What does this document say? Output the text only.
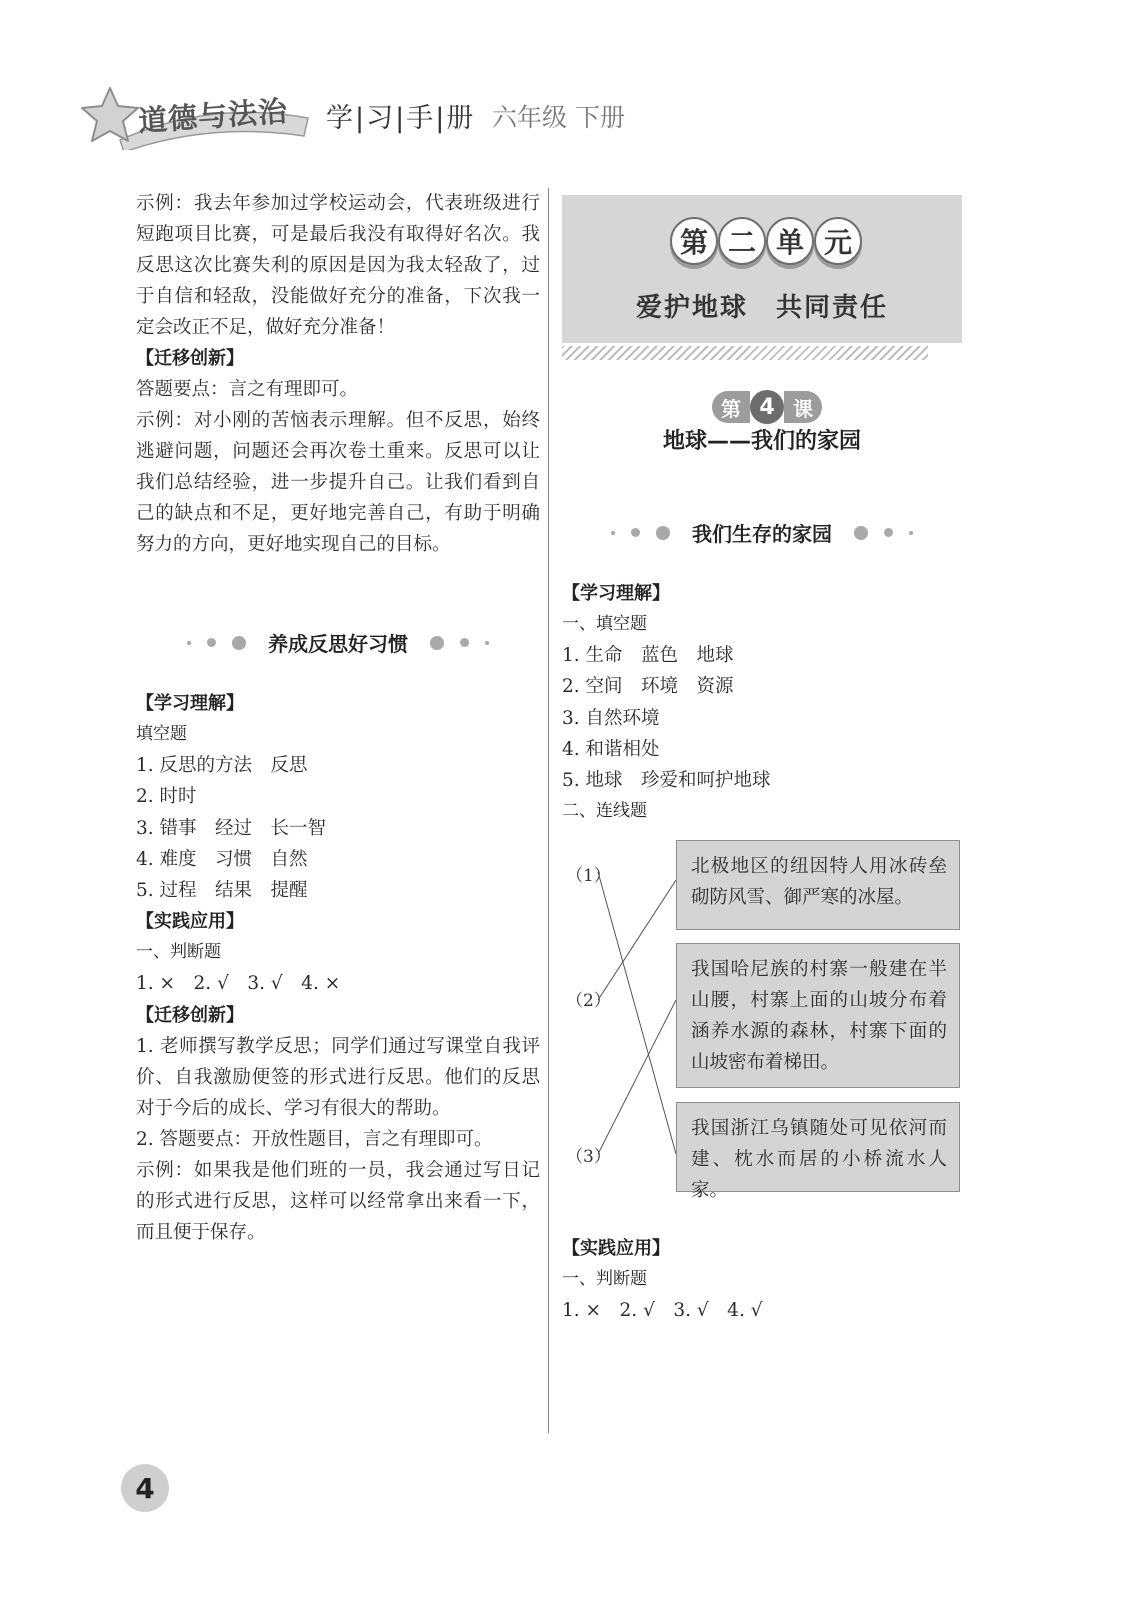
道德与法治 学|习|手|册 六年级 下册

示例：我去年参加过学校运动会，代表班级进行短跑项目比赛，可是最后我没有取得好名次。我反思这次比赛失利的原因是因为我太轻敌了，过于自信和轻敌，没能做好充分的准备，下次我一定会改正不足，做好充分准备！

【迁移创新】

答题要点：言之有理即可。

示例：对小刚的苦恼表示理解。但不反思，始终逃避问题，问题还会再次卷土重来。反思可以让我们总结经验，进一步提升自己。让我们看到自己的缺点和不足，更好地完善自己，有助于明确努力的方向，更好地实现自己的目标。

养成反思好习惯
【学习理解】
填空题
1. 反思的方法　反思
2. 时时
3. 错事　经过　长一智
4. 难度　习惯　自然
5. 过程　结果　提醒
【实践应用】
一、判断题
1. ×　2. √　3. √　4. ×
【迁移创新】

1. 老师撰写教学反思；同学们通过写课堂自我评价、自我激励便签的形式进行反思。他们的反思对于今后的成长、学习有很大的帮助。

2. 答题要点：开放性题目，言之有理即可。

示例：如果我是他们班的一员，我会通过写日记的形式进行反思，这样可以经常拿出来看一下，而且便于保存。

第 二 单 元
爱护地球　共同责任
第 4 课
地球——我们的家园
我们生存的家园
【学习理解】
一、填空题
1. 生命　蓝色　地球
2. 空间　环境　资源
3. 自然环境
4. 和谐相处
5. 地球　珍爱和呵护地球
二、连线题
（1）
（2）
（3）
北极地区的纽因特人用冰砖垒砌防风雪、御严寒的冰屋。
我国哈尼族的村寨一般建在半山腰，村寨上面的山坡分布着涵养水源的森林，村寨下面的山坡密布着梯田。
我国浙江乌镇随处可见依河而建、枕水而居的小桥流水人家。
【实践应用】
一、判断题
1. ×　2. √　3. √　4. √
4
